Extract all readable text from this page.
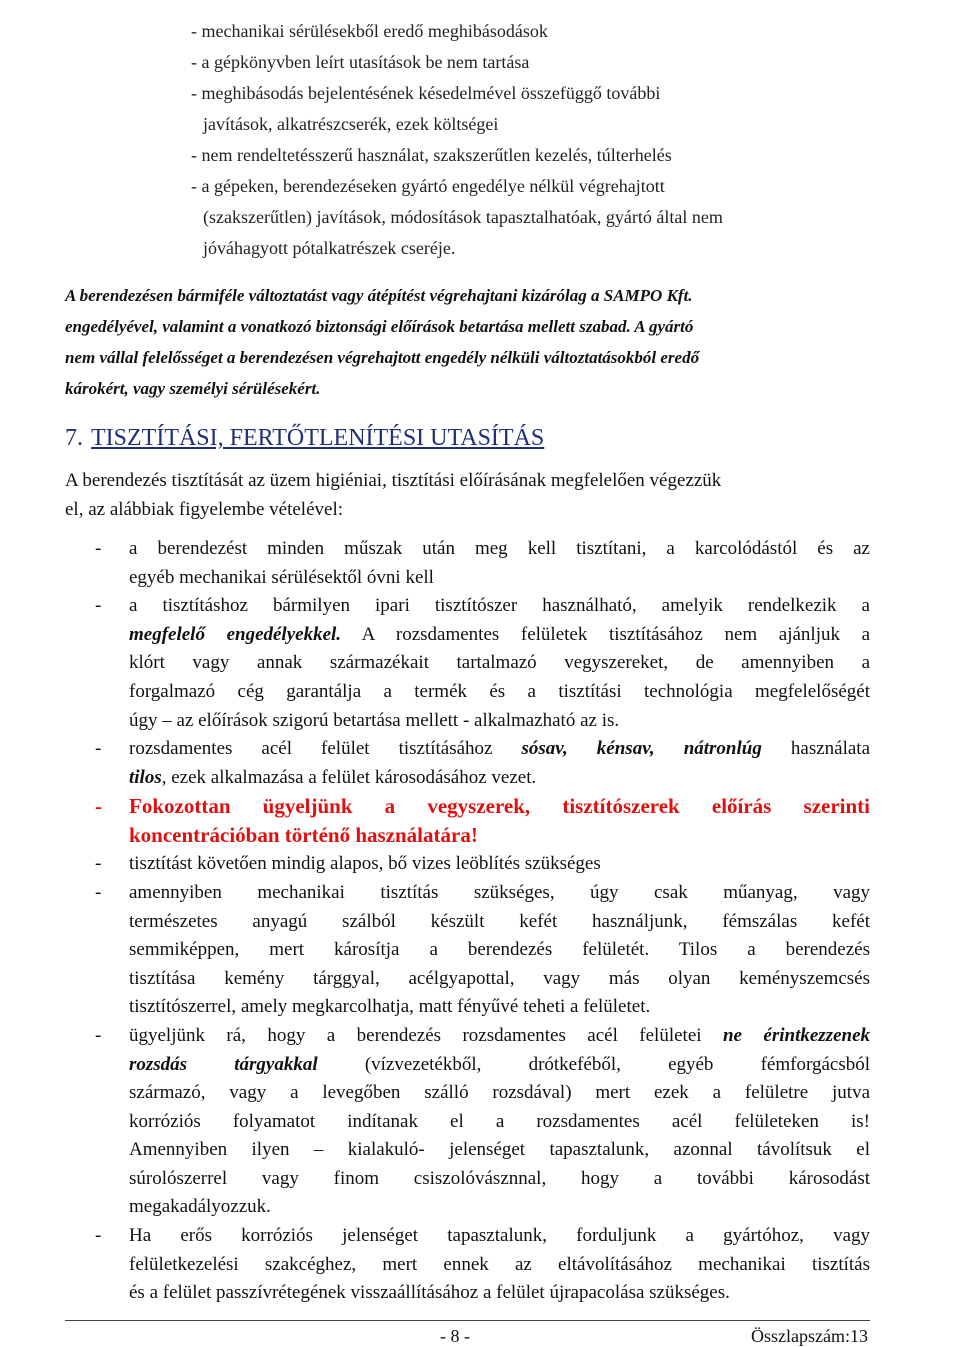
- mechanikai sérülésekből eredő meghibásodások
- a gépkönyvben leírt utasítások be nem tartása
- meghibásodás bejelentésének késedelmével összefüggő további
javítások, alkatrészcserék, ezek költségei
- nem rendeltetésszerű használat, szakszerűtlen kezelés, túlterhelés
- a gépeken, berendezéseken gyártó engedélye nélkül végrehajtott
(szakszerűtlen) javítások, módosítások tapasztalhatóak, gyártó által nem
jóváhagyott pótalkatrészek cseréje.
A berendezésen bármiféle változtatást vagy átépítést végrehajtani kizárólag a SAMPO Kft.
engedélyével, valamint a vonatkozó biztonsági előírások betartása mellett szabad. A gyártó
nem vállal felelősséget a berendezésen végrehajtott engedély nélküli változtatásokból eredő
károkért, vagy személyi sérülésekért.
7. TISZTÍTÁSI, FERTŐTLENÍTÉSI UTASÍTÁS
A berendezés tisztítását az üzem higiéniai, tisztítási előírásának megfelelően végezzük
el, az alábbiak figyelembe vételével:
- a berendezést minden műszak után meg kell tisztítani, a karcolódástól és az
egyéb mechanikai sérülésektől óvni kell
- a tisztításhoz bármilyen ipari tisztítószer használható, amelyik rendelkezik a
megfelelő engedélyekkel. A rozsdamentes felületek tisztításához nem ajánljuk a
klórt vagy annak származékait tartalmazó vegyszereket, de amennyiben a
forgalmazó cég garantálja a termék és a tisztítási technológia megfelelőségét
úgy – az előírások szigorú betartása mellett - alkalmazható az is.
- rozsdamentes acél felület tisztításához sósav, kénsav, nátronlúg használata
tilos, ezek alkalmazása a felület károsodásához vezet.
- Fokozottan ügyeljünk a vegyszerek, tisztítószerek előírás szerinti
koncentrációban történő használatára!
- tisztítást követően mindig alapos, bő vizes leöblítés szükséges
- amennyiben mechanikai tisztítás szükséges, úgy csak műanyag, vagy
természetes anyagú szálból készült kefét használjunk, fémszálas kefét
semmiképpen, mert károsítja a berendezés felületét. Tilos a berendezés
tisztítása kemény tárggyal, acélgyapottal, vagy más olyan keményszemcsés
tisztítószerrel, amely megkarcolhatja, matt fényűvé teheti a felületet.
- ügyeljünk rá, hogy a berendezés rozsdamentes acél felületei ne érintkezzenek
rozsdás tárgyakkal (vízvezetékből, drótkeféből, egyéb fémforgácsból
származó, vagy a levegőben szálló rozsdával) mert ezek a felületre jutva
korróziós folyamatot indítanak el a rozsdamentes acél felületeken is!
Amennyiben ilyen – kialakuló- jelenséget tapasztalunk, azonnal távolítsuk el
súrolószerrel vagy finom csiszolóvásznnal, hogy a további károsodást
megakadályozzuk.
- Ha erős korróziós jelenséget tapasztalunk, forduljunk a gyártóhoz, vagy
felületkezelési szakcéghez, mert ennek az eltávolításához mechanikai tisztítás
és a felület passzívrétegének visszaállításához a felület újrapacolása szükséges.
- 8 -	Összlapszám:13
